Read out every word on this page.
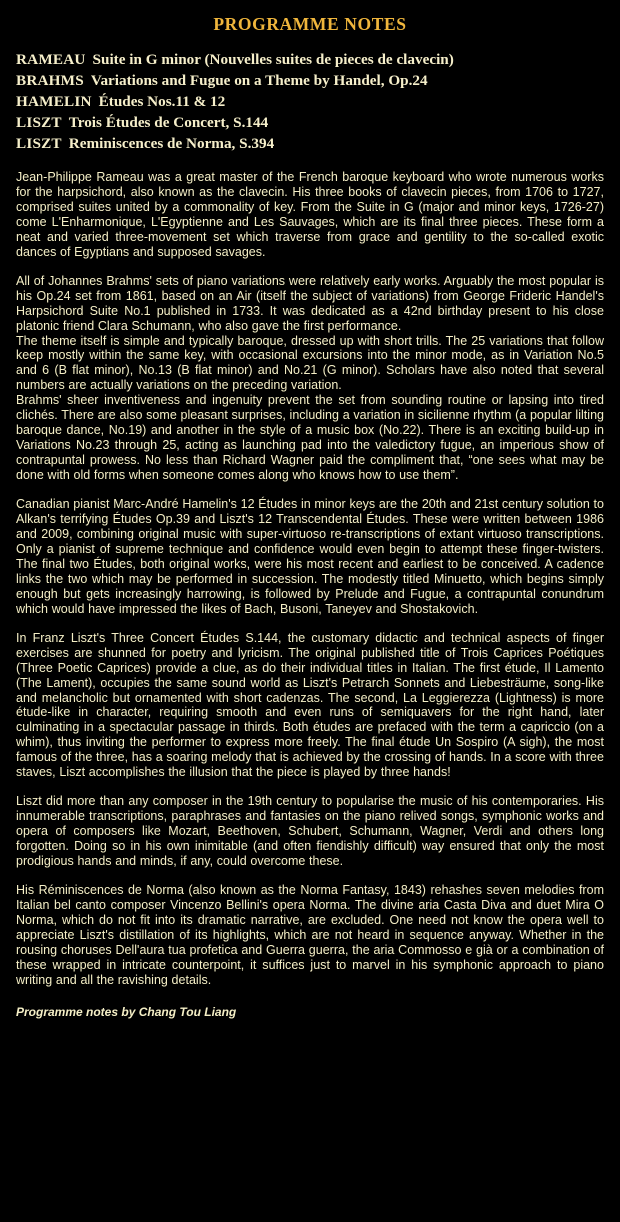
PROGRAMME NOTES
RAMEAU Suite in G minor (Nouvelles suites de pieces de clavecin)
BRAHMS Variations and Fugue on a Theme by Handel, Op.24
HAMELIN Études Nos.11 & 12
LISZT Trois Études de Concert, S.144
LISZT Reminiscences de Norma, S.394

Jean-Philippe Rameau was a great master of the French baroque keyboard who wrote numerous works for the harpsichord, also known as the clavecin. His three books of clavecin pieces, from 1706 to 1727, comprised suites united by a commonality of key. From the Suite in G (major and minor keys, 1726-27) come L'Enharmonique, L'Egyptienne and Les Sauvages, which are its final three pieces. These form a neat and varied three-movement set which traverse from grace and gentility to the so-called exotic dances of Egyptians and supposed savages.

All of Johannes Brahms' sets of piano variations were relatively early works. Arguably the most popular is his Op.24 set from 1861, based on an Air (itself the subject of variations) from George Frideric Handel's Harpsichord Suite No.1 published in 1733. It was dedicated as a 42nd birthday present to his close platonic friend Clara Schumann, who also gave the first performance.
The theme itself is simple and typically baroque, dressed up with short trills. The 25 variations that follow keep mostly within the same key, with occasional excursions into the minor mode, as in Variation No.5 and 6 (B flat minor), No.13 (B flat minor) and No.21 (G minor). Scholars have also noted that several numbers are actually variations on the preceding variation.
Brahms' sheer inventiveness and ingenuity prevent the set from sounding routine or lapsing into tired clichés. There are also some pleasant surprises, including a variation in sicilienne rhythm (a popular lilting baroque dance, No.19) and another in the style of a music box (No.22). There is an exciting build-up in Variations No.23 through 25, acting as launching pad into the valedictory fugue, an imperious show of contrapuntal prowess. No less than Richard Wagner paid the compliment that, “one sees what may be done with old forms when someone comes along who knows how to use them”.

Canadian pianist Marc-André Hamelin's 12 Études in minor keys are the 20th and 21st century solution to Alkan's terrifying Études Op.39 and Liszt's 12 Transcendental Études. These were written between 1986 and 2009, combining original music with super-virtuoso re-transcriptions of extant virtuoso transcriptions. Only a pianist of supreme technique and confidence would even begin to attempt these finger-twisters. The final two Études, both original works, were his most recent and earliest to be conceived. A cadence links the two which may be performed in succession. The modestly titled Minuetto, which begins simply enough but gets increasingly harrowing, is followed by Prelude and Fugue, a contrapuntal conundrum which would have impressed the likes of Bach, Busoni, Taneyev and Shostakovich.

In Franz Liszt's Three Concert Études S.144, the customary didactic and technical aspects of finger exercises are shunned for poetry and lyricism. The original published title of Trois Caprices Poétiques (Three Poetic Caprices) provide a clue, as do their individual titles in Italian. The first étude, Il Lamento (The Lament), occupies the same sound world as Liszt's Petrarch Sonnets and Liebesträume, song-like and melancholic but ornamented with short cadenzas. The second, La Leggierezza (Lightness) is more étude-like in character, requiring smooth and even runs of semiquavers for the right hand, later culminating in a spectacular passage in thirds. Both études are prefaced with the term a capriccio (on a whim), thus inviting the performer to express more freely. The final étude Un Sospiro (A sigh), the most famous of the three, has a soaring melody that is achieved by the crossing of hands. In a score with three staves, Liszt accomplishes the illusion that the piece is played by three hands!

Liszt did more than any composer in the 19th century to popularise the music of his contemporaries. His innumerable transcriptions, paraphrases and fantasies on the piano relived songs, symphonic works and opera of composers like Mozart, Beethoven, Schubert, Schumann, Wagner, Verdi and others long forgotten. Doing so in his own inimitable (and often fiendishly difficult) way ensured that only the most prodigious hands and minds, if any, could overcome these.

His Réminiscences de Norma (also known as the Norma Fantasy, 1843) rehashes seven melodies from Italian bel canto composer Vincenzo Bellini's opera Norma. The divine aria Casta Diva and duet Mira O Norma, which do not fit into its dramatic narrative, are excluded. One need not know the opera well to appreciate Liszt's distillation of its highlights, which are not heard in sequence anyway. Whether in the rousing choruses Dell'aura tua profetica and Guerra guerra, the aria Commosso e già or a combination of these wrapped in intricate counterpoint, it suffices just to marvel in his symphonic approach to piano writing and all the ravishing details.

Programme notes by Chang Tou Liang
